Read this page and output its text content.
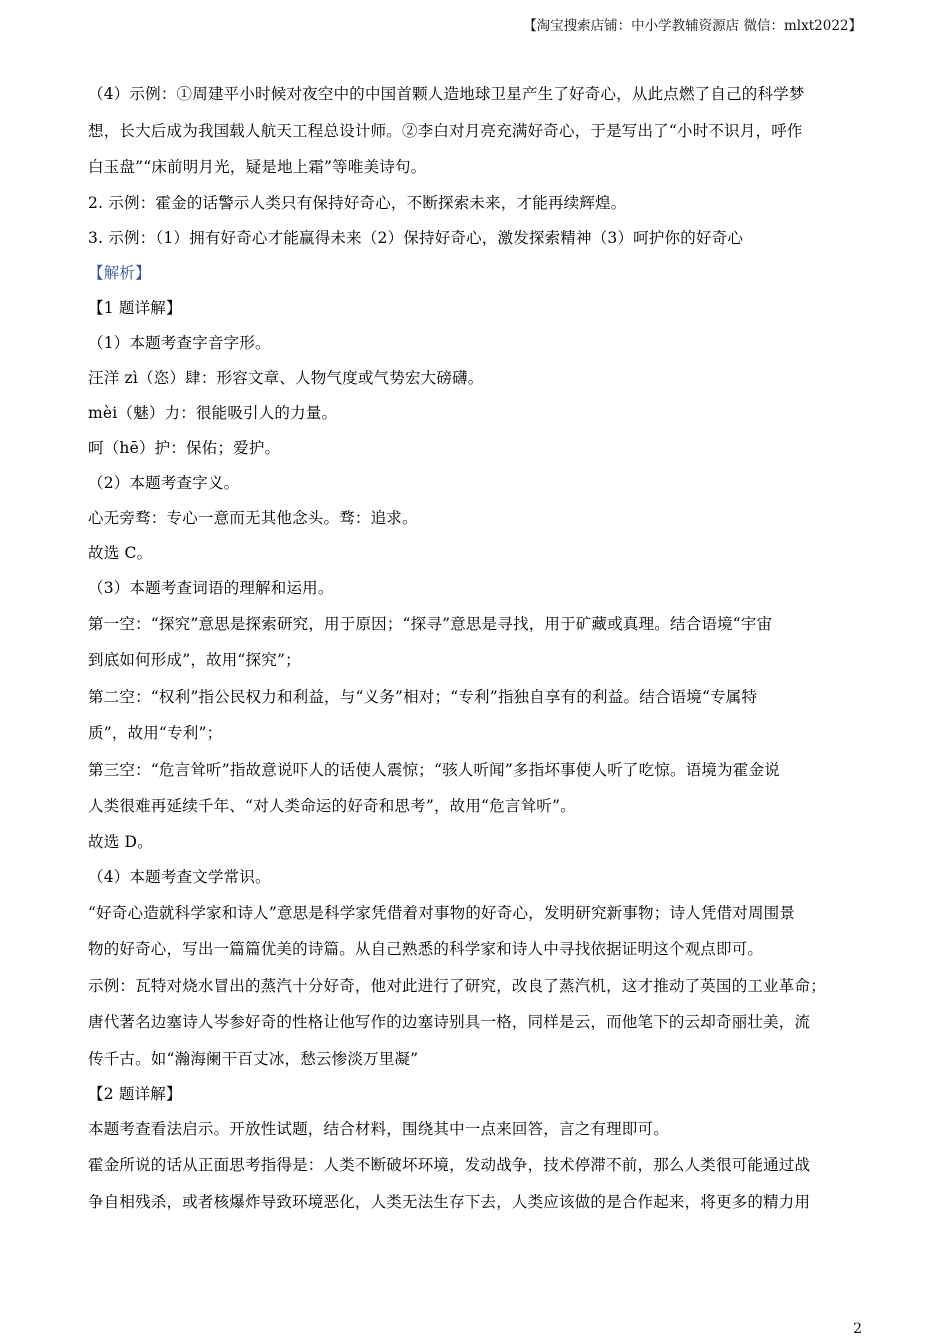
【淘宝搜索店铺：中小学教辅资源店 微信：mlxt2022】
（4）示例：①周建平小时候对夜空中的中国首颗人造地球卫星产生了好奇心，从此点燃了自己的科学梦
想，长大后成为我国载人航天工程总设计师。②李白对月亮充满好奇心，于是写出了“小时不识月，呼作
白玉盘”“床前明月光，疑是地上霜”等唯美诗句。
2. 示例：霍金的话警示人类只有保持好奇心，不断探索未来，才能再续辉煌。
3. 示例：（1）拥有好奇心才能赢得未来（2）保持好奇心，激发探索精神（3）呵护你的好奇心
【解析】
【1 题详解】
（1）本题考查字音字形。
汪洋 zì（恣）肆：形容文章、人物气度或气势宏大磅礴。
mèi（魅）力：很能吸引人的力量。
呵（hē）护：保佑；爱护。
（2）本题考查字义。
心无旁骛：专心一意而无其他念头。骛：追求。
故选 C。
（3）本题考查词语的理解和运用。
第一空：“探究”意思是探索研究，用于原因；“探寻”意思是寻找，用于矿藏或真理。结合语境“宇宙
到底如何形成”，故用“探究”；
第二空：“权利”指公民权力和利益，与“义务”相对；“专利”指独自享有的利益。结合语境“专属特
质”，故用“专利”；
第三空：“危言耸听”指故意说吓人的话使人震惊；“骇人听闻”多指坏事使人听了吃惊。语境为霍金说
人类很难再延续千年、“对人类命运的好奇和思考”，故用“危言耸听”。
故选 D。
（4）本题考查文学常识。
“好奇心造就科学家和诗人”意思是科学家凭借着对事物的好奇心，发明研究新事物；诗人凭借对周围景
物的好奇心，写出一篇篇优美的诗篇。从自己熟悉的科学家和诗人中寻找依据证明这个观点即可。
示例：瓦特对烧水冒出的蒸汽十分好奇，他对此进行了研究，改良了蒸汽机，这才推动了英国的工业革命；
唐代著名边塞诗人岑参好奇的性格让他写作的边塞诗别具一格，同样是云，而他笔下的云却奇丽壮美，流
传千古。如“瀚海阑干百丈冰，愁云惨淡万里凝”
【2 题详解】
本题考查看法启示。开放性试题，结合材料，围绕其中一点来回答，言之有理即可。
霍金所说的话从正面思考指得是：人类不断破坏环境，发动战争，技术停滞不前，那么人类很可能通过战
争自相残杀，或者核爆炸导致环境恶化，人类无法生存下去，人类应该做的是合作起来，将更多的精力用
2
